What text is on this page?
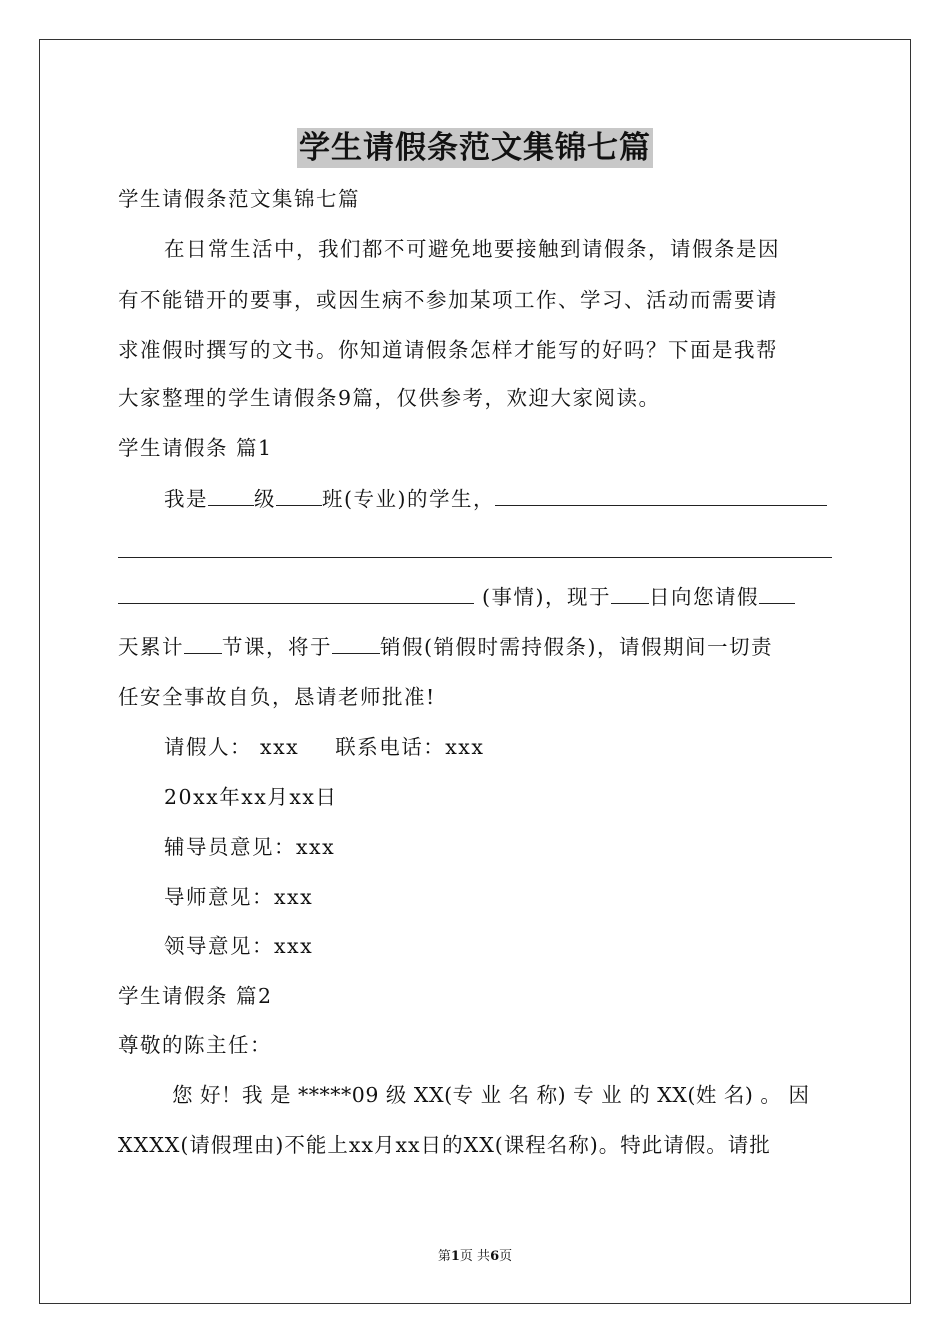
学生请假条范文集锦七篇
学生请假条范文集锦七篇
在日常生活中，我们都不可避免地要接触到请假条，请假条是因
有不能错开的要事，或因生病不参加某项工作、学习、活动而需要请
求准假时撰写的文书。你知道请假条怎样才能写的好吗？下面是我帮
大家整理的学生请假条9篇，仅供参考，欢迎大家阅读。
学生请假条 篇1
我是 级 班(专业)的学生，
(事情)，现于 日向您请假
天累计 节课，将于 销假(销假时需持假条)，请假期间一切责
任安全事故自负，恳请老师批准!
请假人： xxx 联系电话：xxx
20xx年xx月xx日
辅导员意见：xxx
导师意见：xxx
领导意见：xxx
学生请假条 篇2
尊敬的陈主任：
您 好！我 是 *****09 级 XX(专 业 名 称) 专 业 的 XX(姓 名) 。 因
XXXX(请假理由)不能上xx月xx日的XX(课程名称)。特此请假。请批
第1页 共6页
